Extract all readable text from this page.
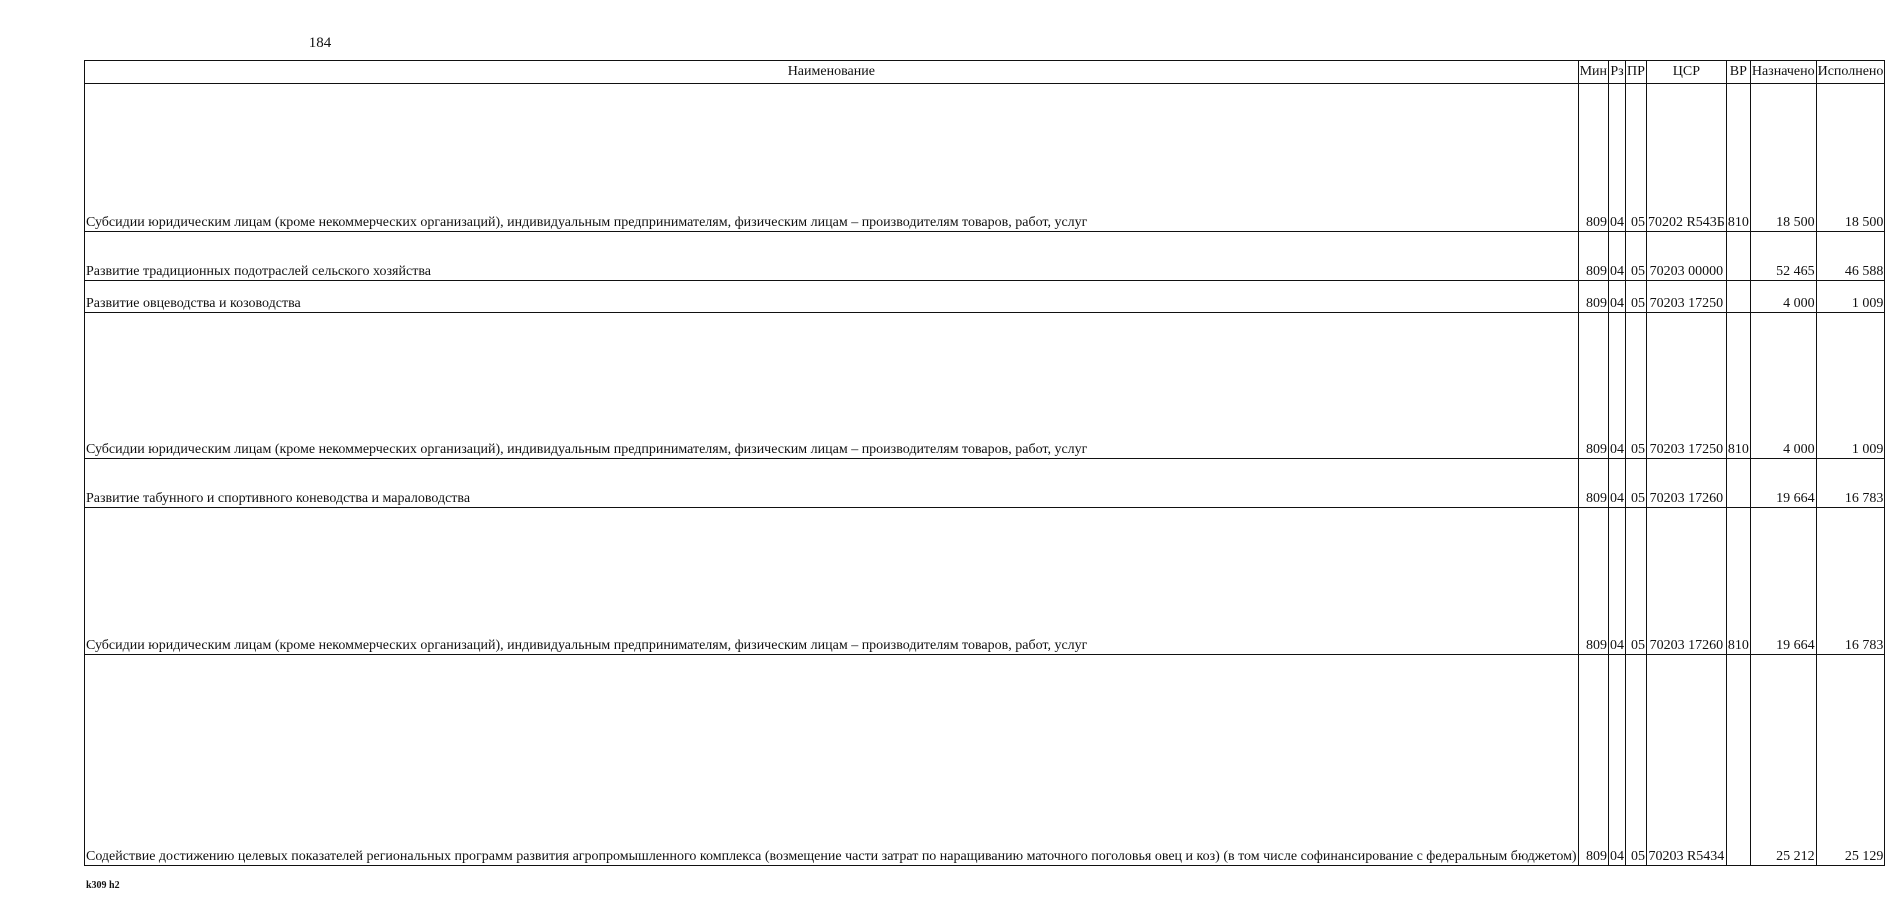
184
Наименование	Мин	Рз	ПР	ЦСР	ВР	Назначено	Исполнено
Субсидии юридическим лицам (кроме некоммерческих организаций), индивидуальным предпринимателям, физическим лицам – производителям товаров, работ, услуг	809	04	05	70202 R543Б	810	18 500	18 500
Развитие традиционных подотраслей сельского хозяйства	809	04	05	70203 00000		52 465	46 588
Развитие овцеводства и козоводства	809	04	05	70203 17250		4 000	1 009
Субсидии юридическим лицам (кроме некоммерческих организаций), индивидуальным предпринимателям, физическим лицам – производителям товаров, работ, услуг	809	04	05	70203 17250	810	4 000	1 009
Развитие табунного и спортивного коневодства и мараловодства	809	04	05	70203 17260		19 664	16 783
Субсидии юридическим лицам (кроме некоммерческих организаций), индивидуальным предпринимателям, физическим лицам – производителям товаров, работ, услуг	809	04	05	70203 17260	810	19 664	16 783
Содействие достижению целевых показателей региональных программ развития агропромышленного комплекса (возмещение части затрат по наращиванию маточного поголовья овец и коз) (в том числе софинансирование с федеральным бюджетом)	809	04	05	70203 R5434		25 212	25 129
k309 h2
